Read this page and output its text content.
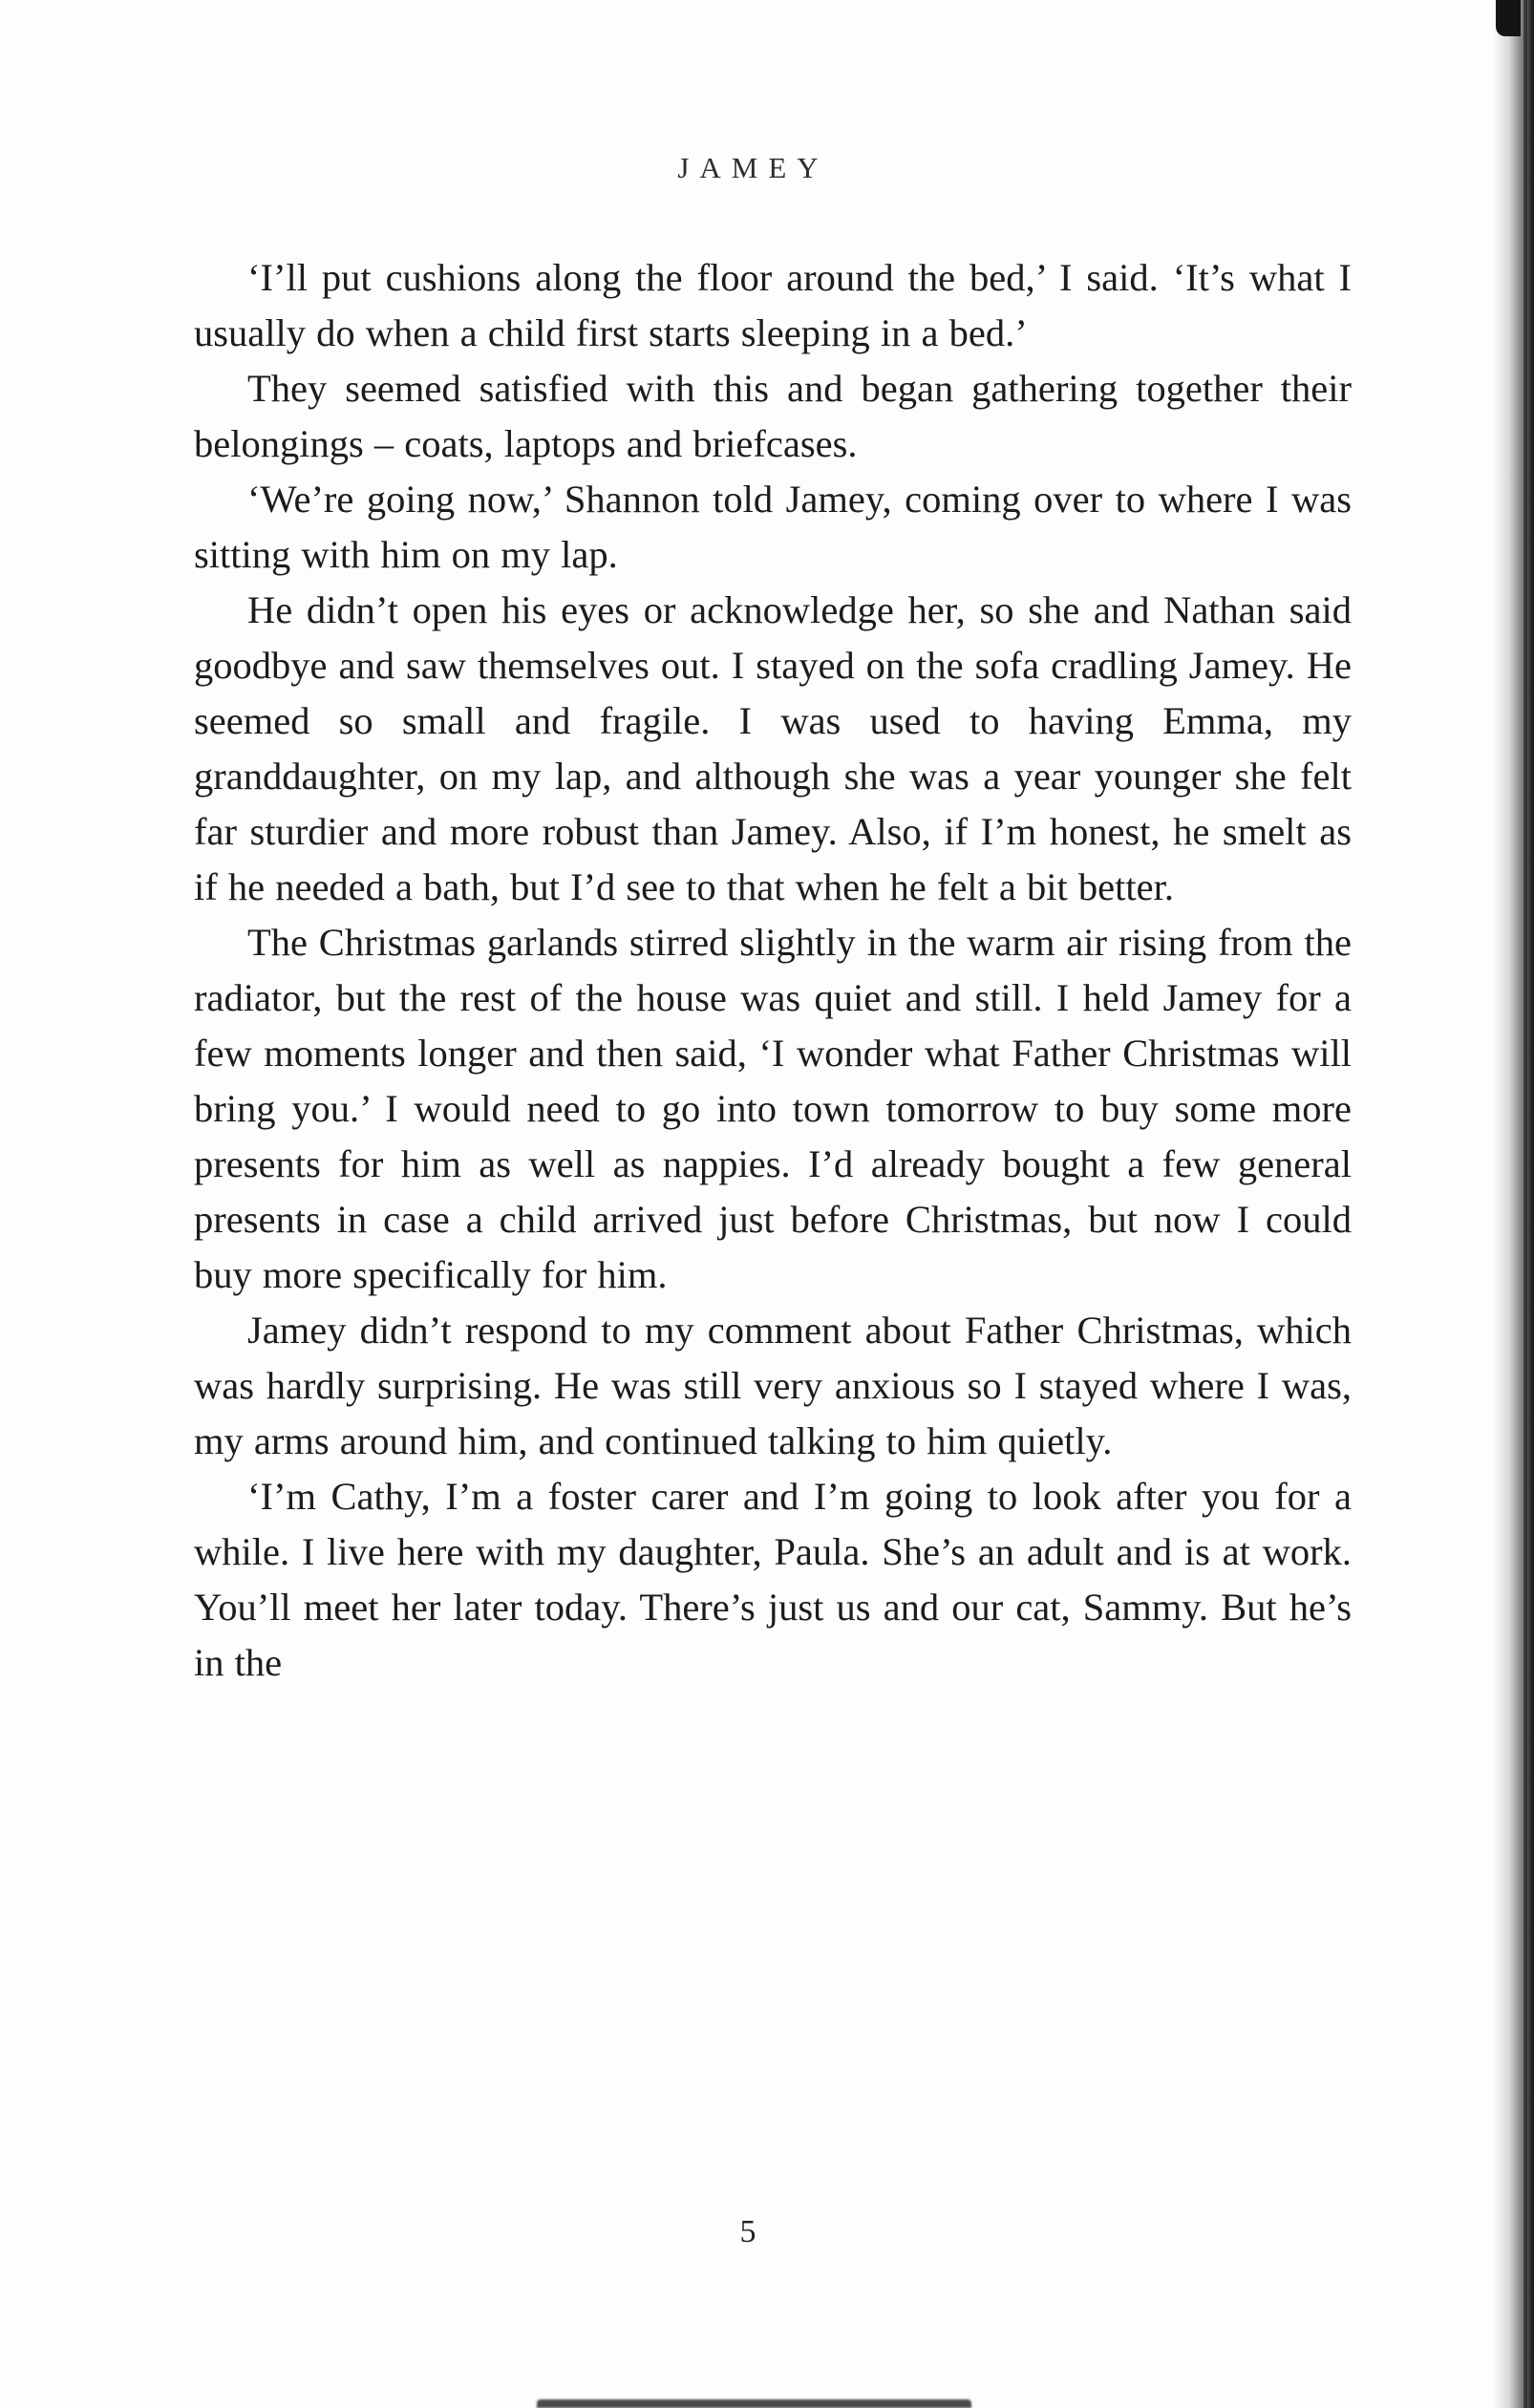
JAMEY

‘I’ll put cushions along the floor around the bed,’ I said. ‘It’s what I usually do when a child first starts sleeping in a bed.’

They seemed satisfied with this and began gathering together their belongings – coats, laptops and briefcases.

‘We’re going now,’ Shannon told Jamey, coming over to where I was sitting with him on my lap.

He didn’t open his eyes or acknowledge her, so she and Nathan said goodbye and saw themselves out. I stayed on the sofa cradling Jamey. He seemed so small and fragile. I was used to having Emma, my granddaughter, on my lap, and although she was a year younger she felt far sturdier and more robust than Jamey. Also, if I’m honest, he smelt as if he needed a bath, but I’d see to that when he felt a bit better.

The Christmas garlands stirred slightly in the warm air rising from the radiator, but the rest of the house was quiet and still. I held Jamey for a few moments longer and then said, ‘I wonder what Father Christmas will bring you.’ I would need to go into town tomorrow to buy some more presents for him as well as nappies. I’d already bought a few general presents in case a child arrived just before Christmas, but now I could buy more specifically for him.

Jamey didn’t respond to my comment about Father Christmas, which was hardly surprising. He was still very anxious so I stayed where I was, my arms around him, and continued talking to him quietly.

‘I’m Cathy, I’m a foster carer and I’m going to look after you for a while. I live here with my daughter, Paula. She’s an adult and is at work. You’ll meet her later today. There’s just us and our cat, Sammy. But he’s in the

5
